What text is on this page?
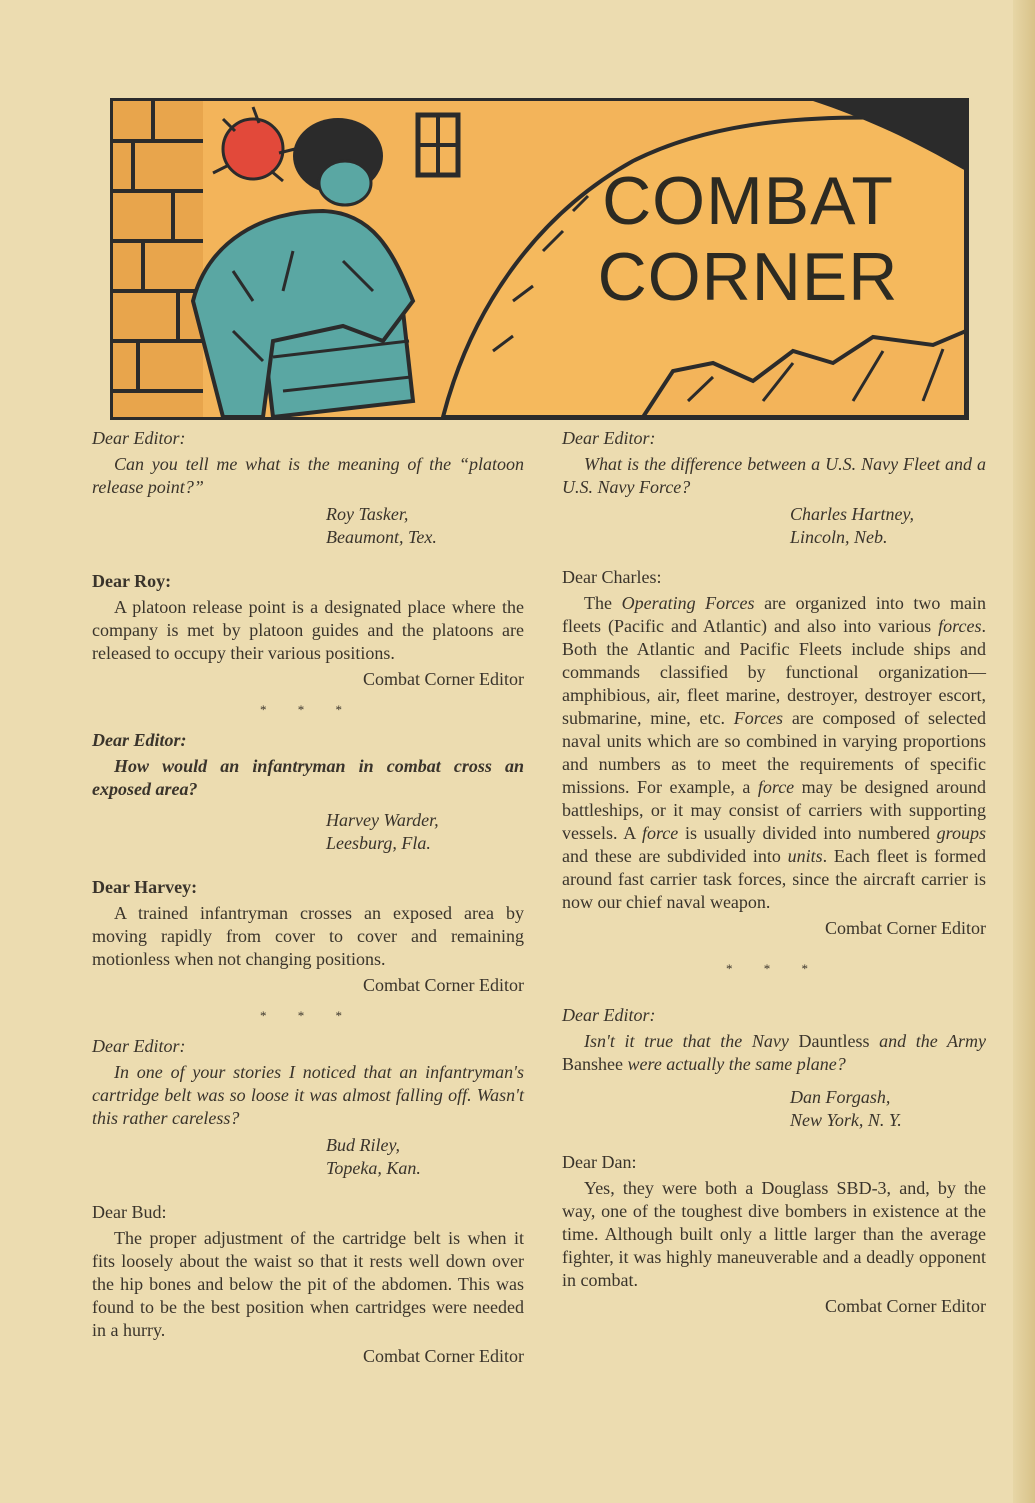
COMBAT
CORNER

Dear Editor:

Can you tell me what is the meaning of the “platoon release point?”

Roy Tasker,

Beaumont, Tex.

Dear Roy:

A platoon release point is a designated place where the company is met by platoon guides and the platoons are released to occupy their various positions.

Combat Corner Editor

* * *

Dear Editor:

How would an infantryman in combat cross an exposed area?

Harvey Warder,

Leesburg, Fla.

Dear Harvey:

A trained infantryman crosses an exposed area by moving rapidly from cover to cover and remaining motionless when not changing positions.

Combat Corner Editor

* * *

Dear Editor:

In one of your stories I noticed that an infantryman's cartridge belt was so loose it was almost falling off. Wasn't this rather careless?

Bud Riley,

Topeka, Kan.

Dear Bud:

The proper adjustment of the cartridge belt is when it fits loosely about the waist so that it rests well down over the hip bones and below the pit of the abdomen. This was found to be the best position when cartridges were needed in a hurry.

Combat Corner Editor

Dear Editor:

What is the difference between a U.S. Navy Fleet and a U.S. Navy Force?

Charles Hartney,

Lincoln, Neb.

Dear Charles:

The Operating Forces are organized into two main fleets (Pacific and Atlantic) and also into various forces. Both the Atlantic and Pacific Fleets include ships and commands classified by functional organization—amphibious, air, fleet marine, destroyer, destroyer escort, submarine, mine, etc. Forces are composed of selected naval units which are so combined in varying proportions and numbers as to meet the requirements of specific missions. For example, a force may be designed around battleships, or it may consist of carriers with supporting vessels. A force is usually divided into numbered groups and these are subdivided into units. Each fleet is formed around fast carrier task forces, since the aircraft carrier is now our chief naval weapon.

Combat Corner Editor

* * *

Dear Editor:

Isn't it true that the Navy Dauntless and the Army Banshee were actually the same plane?

Dan Forgash,

New York, N. Y.

Dear Dan:

Yes, they were both a Douglass SBD-3, and, by the way, one of the toughest dive bombers in existence at the time. Although built only a little larger than the average fighter, it was highly maneuverable and a deadly opponent in combat.

Combat Corner Editor
